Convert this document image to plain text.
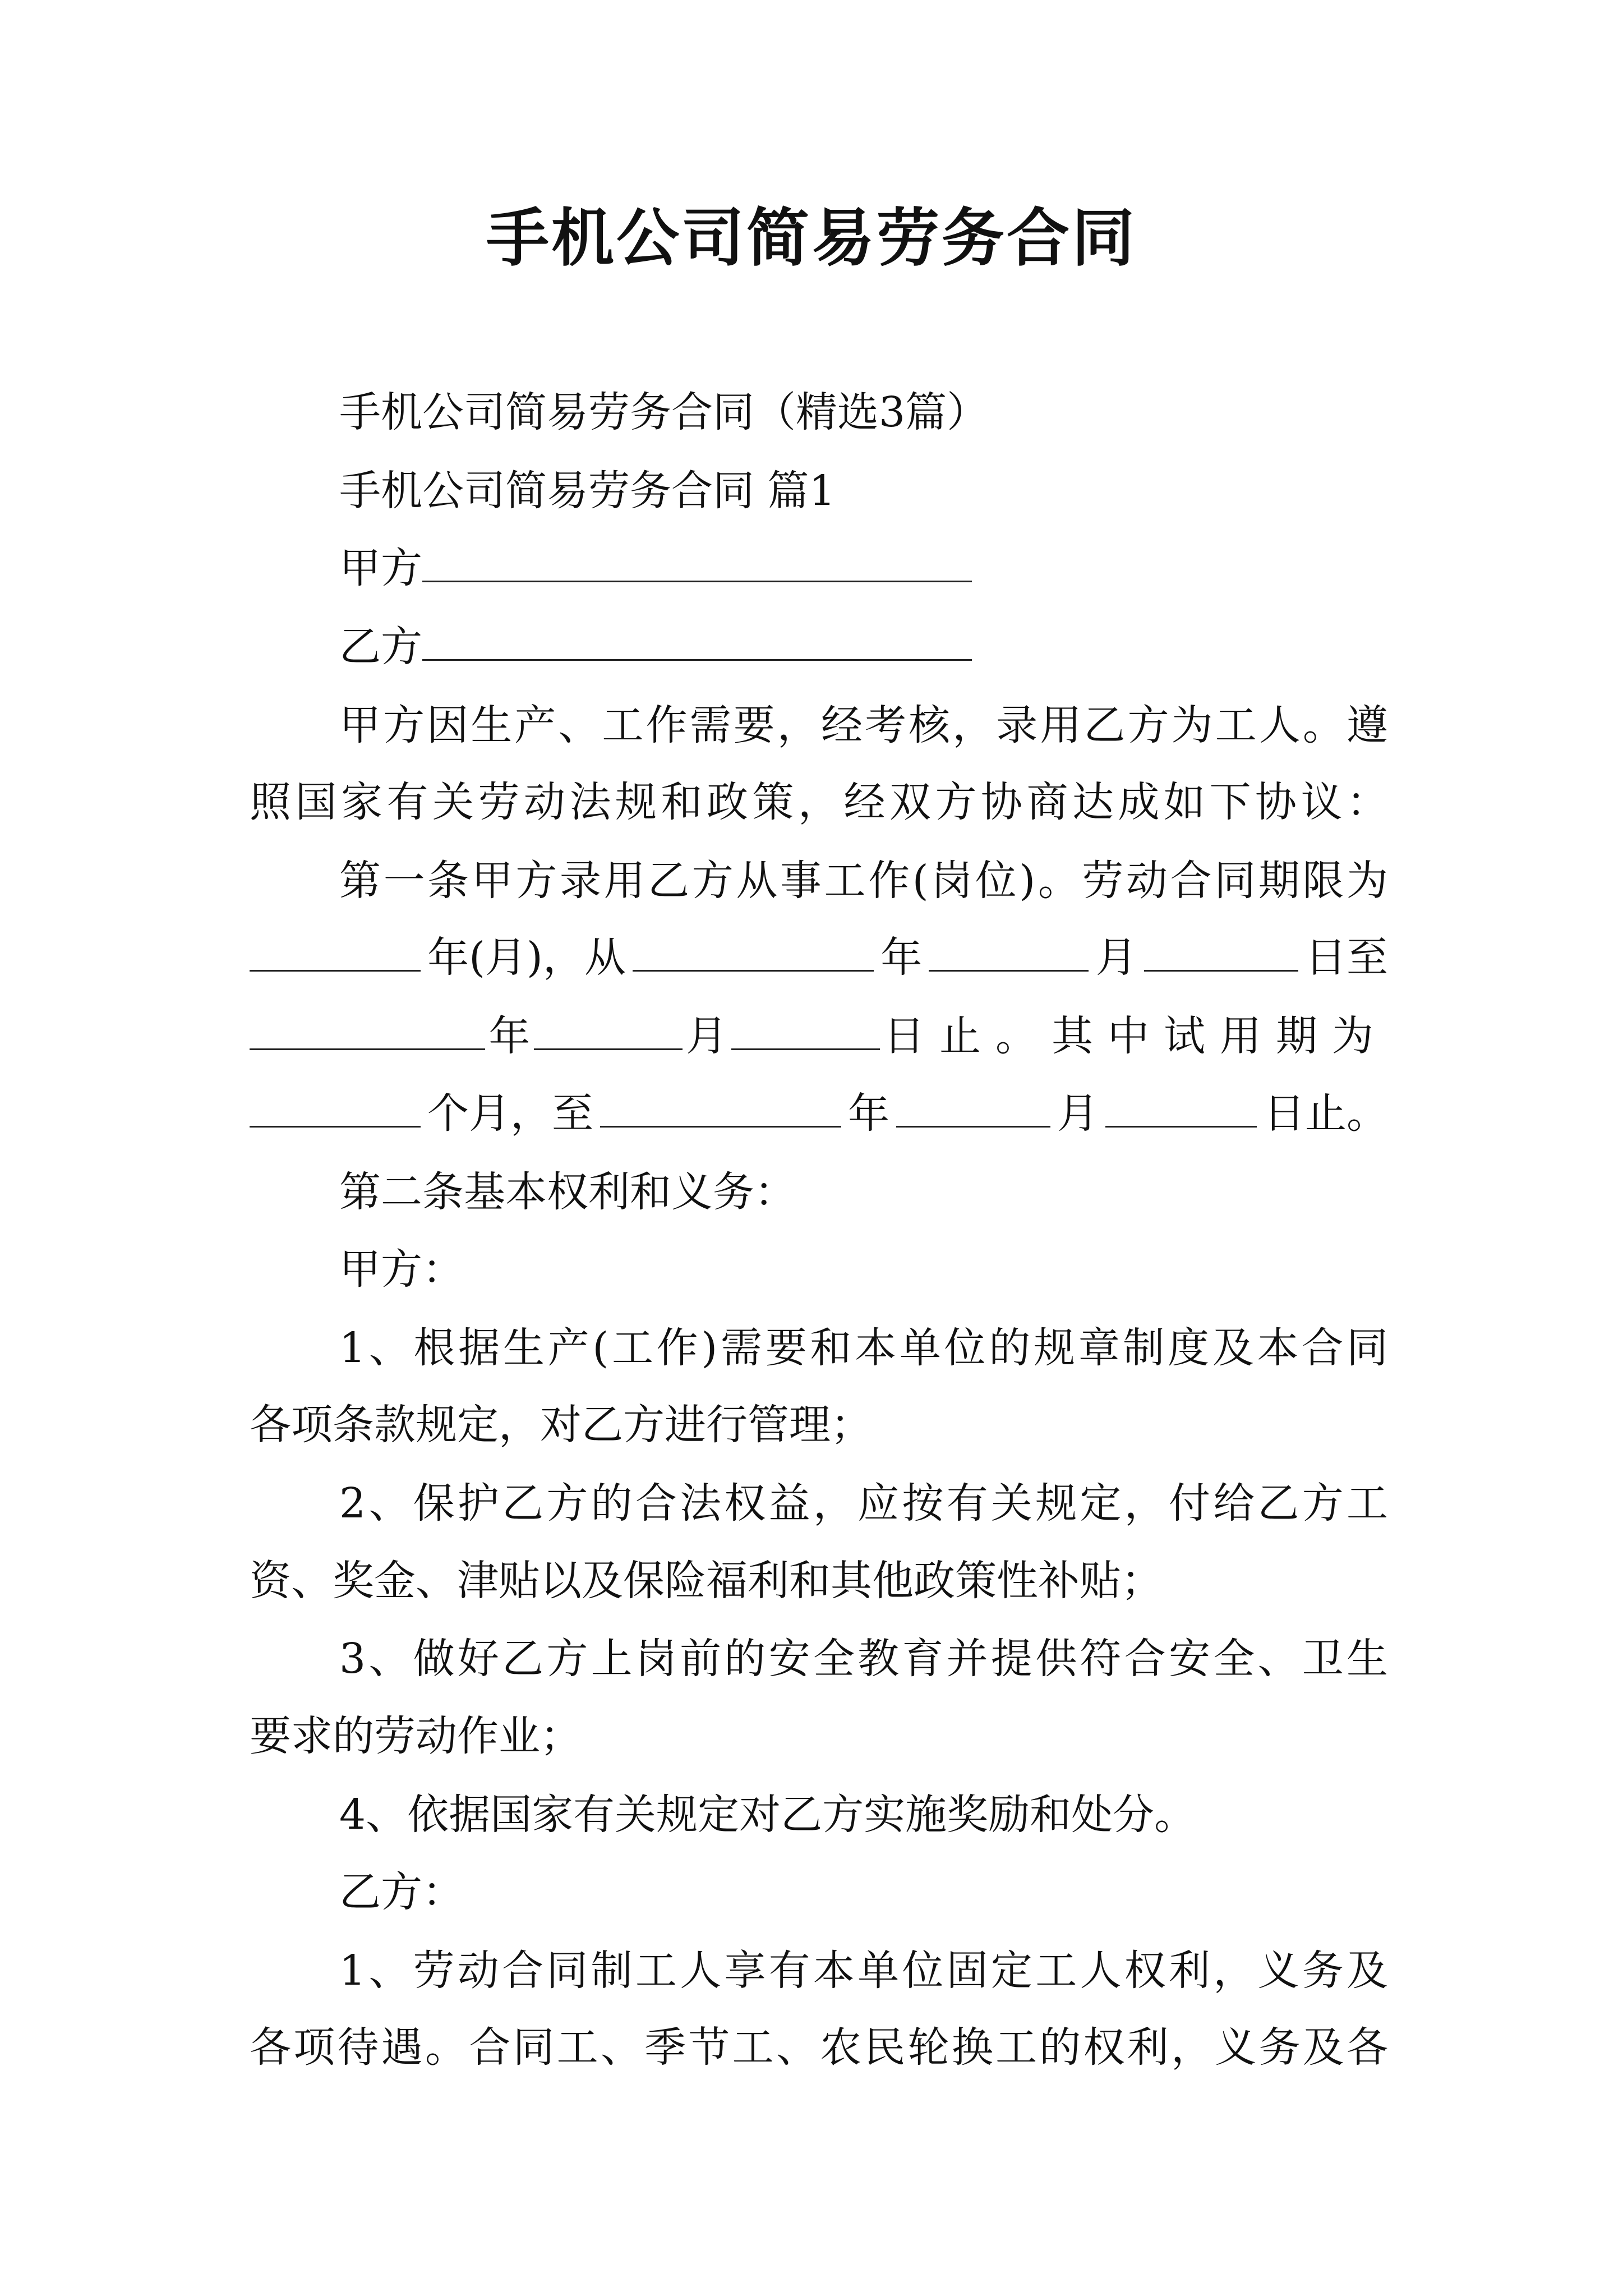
手机公司简易劳务合同
手机公司简易劳务合同（精选3篇）
手机公司简易劳务合同 篇1
甲方
乙方
甲方因生产、工作需要，经考核，录用乙方为工人。遵
照国家有关劳动法规和政策，经双方协商达成如下协议：
第一条甲方录用乙方从事工作(岗位)。劳动合同期限为
年(月)，从	年	月	日至
年	月	日止。其中试用期为
个月，至	年	月	日止。
第二条基本权利和义务：
甲方：
1、根据生产(工作)需要和本单位的规章制度及本合同
各项条款规定，对乙方进行管理；
2、保护乙方的合法权益，应按有关规定，付给乙方工
资、奖金、津贴以及保险福利和其他政策性补贴；
3、做好乙方上岗前的安全教育并提供符合安全、卫生
要求的劳动作业；
4、依据国家有关规定对乙方实施奖励和处分。
乙方：
1、劳动合同制工人享有本单位固定工人权利，义务及
各项待遇。合同工、季节工、农民轮换工的权利，义务及各
